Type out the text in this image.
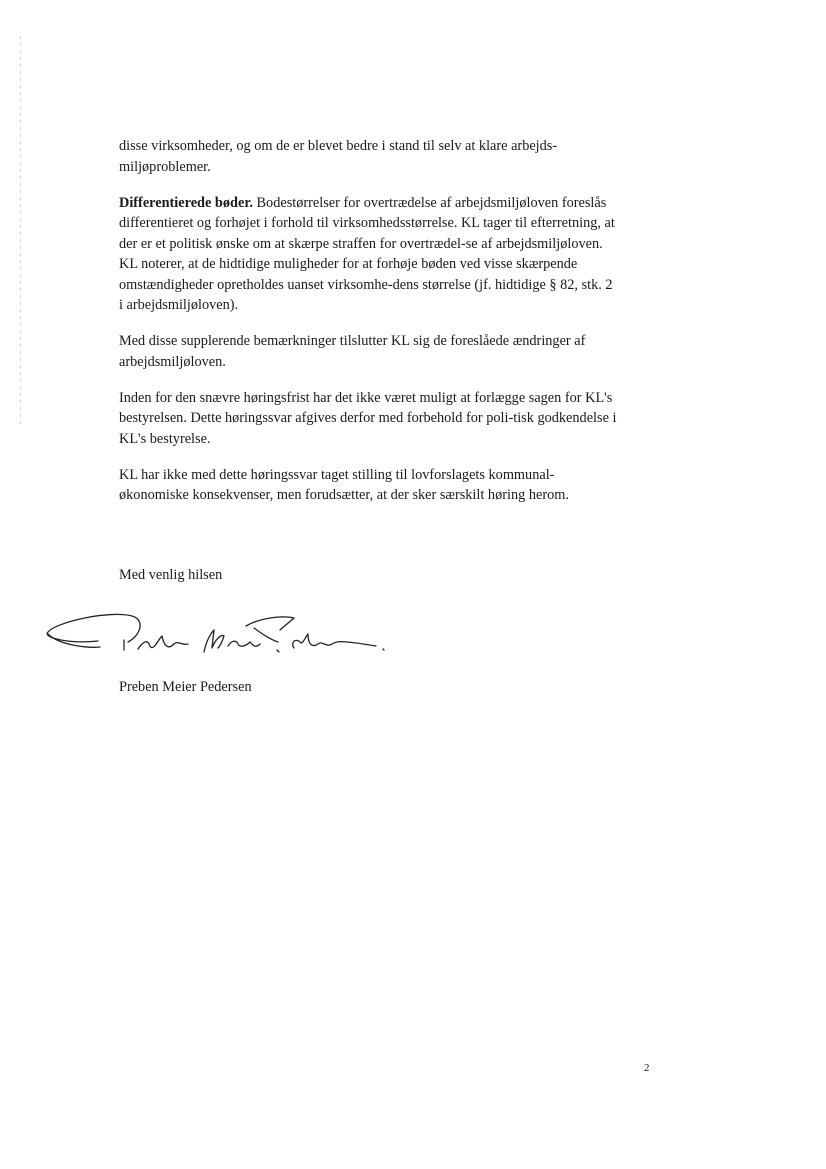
disse virksomheder, og om de er blevet bedre i stand til selv at klare arbejds-miljøproblemer.

Differentierede bøder. Bodestørrelser for overtrædelse af arbejdsmiljøloven foreslås differentieret og forhøjet i forhold til virksomhedsstørrelse. KL tager til efterretning, at der er et politisk ønske om at skærpe straffen for overtrædel-se af arbejdsmiljøloven. KL noterer, at de hidtidige muligheder for at forhøje bøden ved visse skærpende omstændigheder opretholdes uanset virksomhe-dens størrelse (jf. hidtidige § 82, stk. 2 i arbejdsmiljøloven).

Med disse supplerende bemærkninger tilslutter KL sig de foreslåede ændringer af arbejdsmiljøloven.

Inden for den snævre høringsfrist har det ikke været muligt at forlægge sagen for KL's bestyrelsen. Dette høringssvar afgives derfor med forbehold for poli-tisk godkendelse i KL's bestyrelse.

KL har ikke med dette høringssvar taget stilling til lovforslagets kommunal-økonomiske konsekvenser, men forudsætter, at der sker særskilt høring herom.

Med venlig hilsen
Preben Meier Pedersen
2
